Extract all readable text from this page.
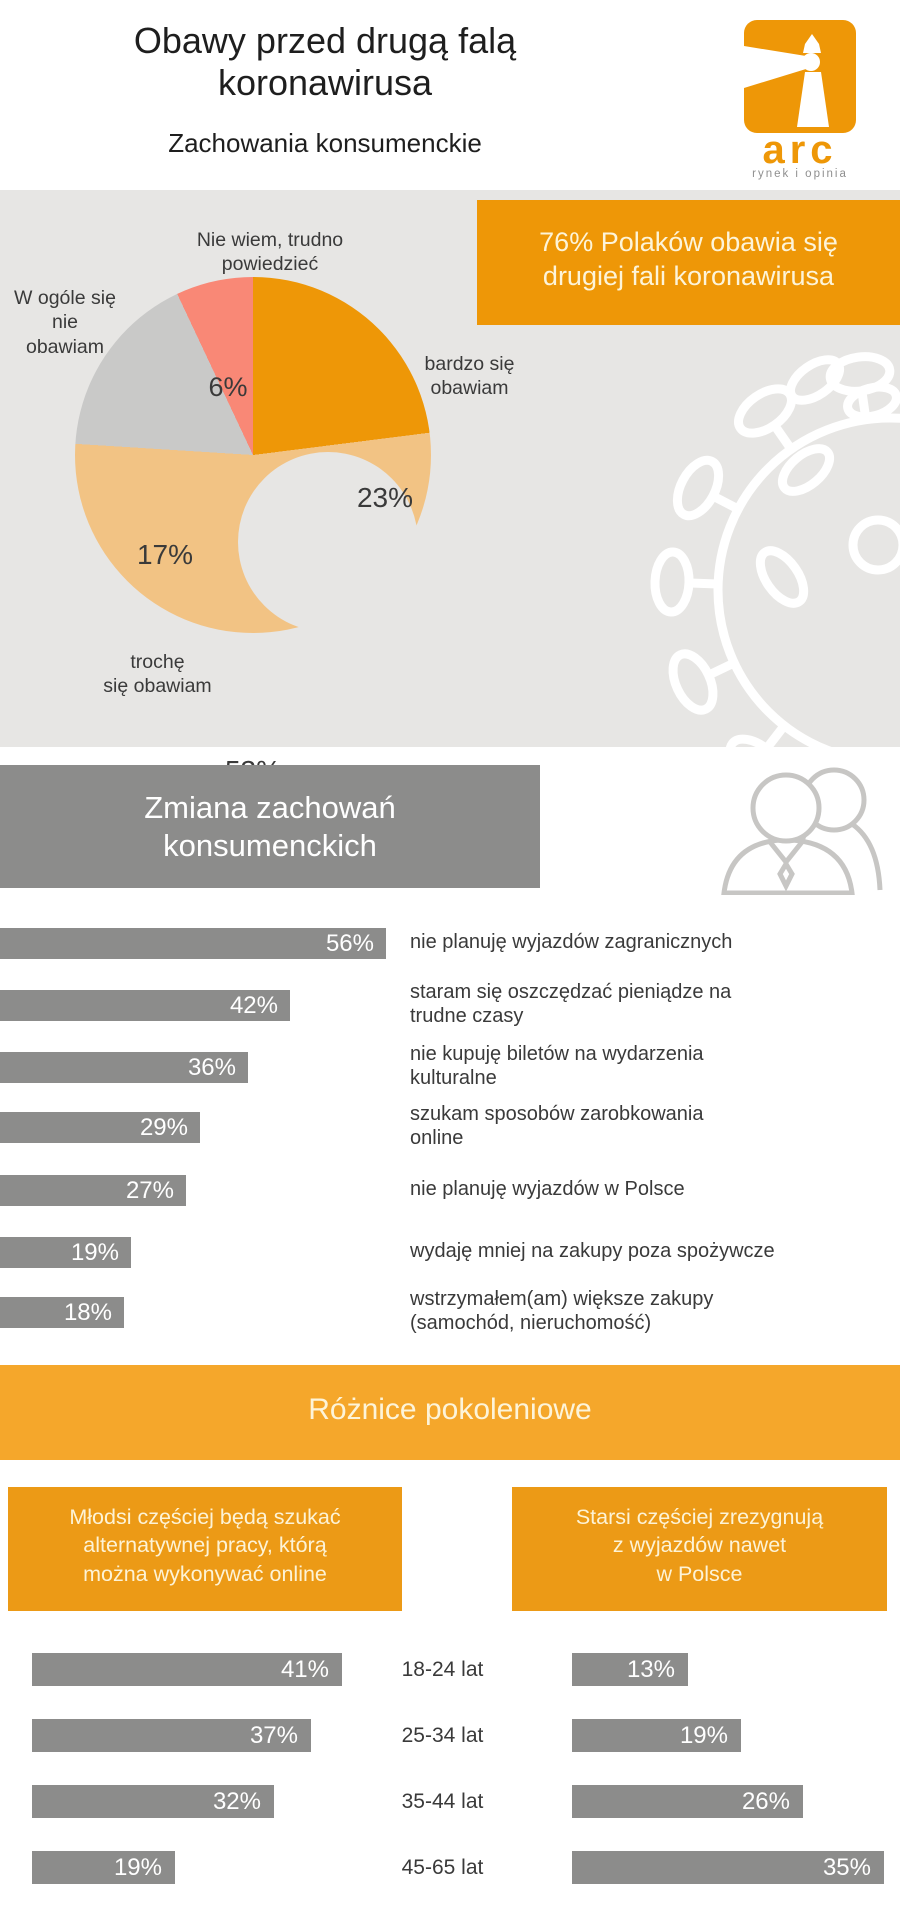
Obawy przed drugą falą
koronawirusa
Zachowania konsumenckie	arc
rynek i opinia
23%
17%
6%
Nie wiem, trudno
powiedzieć
W ogóle się
nie
obawiam
bardzo się
obawiam
trochę
się obawiam
76% Polaków obawia się
drugiej fali koronawirusa
Zmiana zachowań
konsumenckich
56% nie planuję wyjazdów zagranicznych
42%	staram się oszczędzać pieniądze na
trudne czasy
36%	nie kupuję biletów na wydarzenia
kulturalne
29%	szukam sposobów zarobkowania
online
27%	nie planuję wyjazdów w Polsce
19%	wydaję mniej na zakupy poza spożywcze
18%	wstrzymałem(am) większe zakupy
(samochód, nieruchomość)
Różnice pokoleniowe
Młodsi częściej będą szukać
alternatywnej pracy, którą
można wykonywać online
Starsi częściej zrezygnują
z wyjazdów nawet
w Polsce
41%	18-24 lat	13%
37%	25-34 lat	19%
32%	35-44 lat	26%
19%	45-65 lat	35%
